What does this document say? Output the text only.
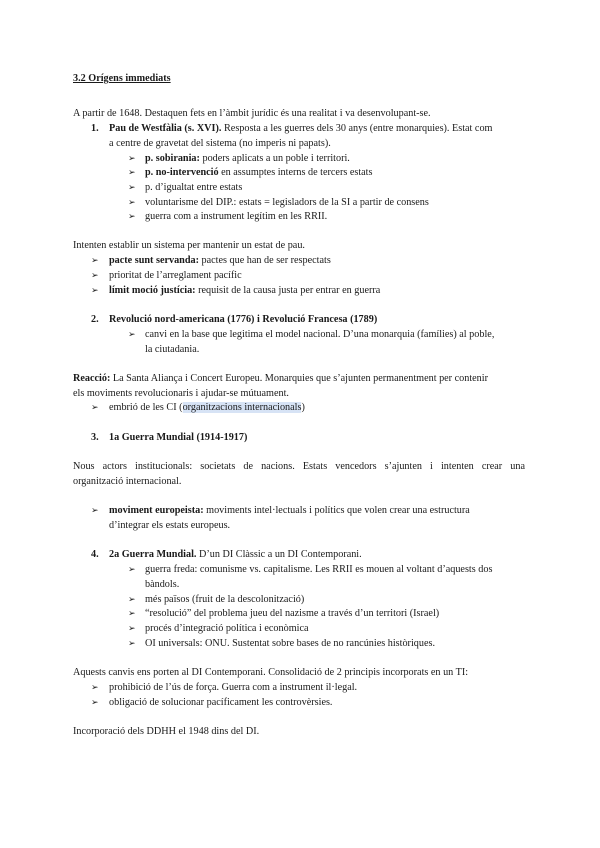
3.2 Orígens immediats
A partir de 1648. Destaquen fets en l’àmbit jurídic és una realitat i va desenvolupant-se.
1. Pau de Westfàlia (s. XVI). Resposta a les guerres dels 30 anys (entre monarquies). Estat com
a centre de gravetat del sistema (no imperis ni papats).
➢ p. sobirania: poders aplicats a un poble i territori.
➢ p. no-intervenció en assumptes interns de tercers estats
➢ p. d’igualtat entre estats
➢ voluntarisme del DIP.: estats = legisladors de la SI a partir de consens
➢ guerra com a instrument legítim en les RRII.
Intenten establir un sistema per mantenir un estat de pau.
➢ pacte sunt servanda: pactes que han de ser respectats
➢ prioritat de l’arreglament pacífic
➢ límit moció justícia: requisit de la causa justa per entrar en guerra
2. Revolució nord-americana (1776) i Revolució Francesa (1789)
➢ canvi en la base que legitima el model nacional. D’una monarquia (famílies) al poble,
la ciutadania.
Reacció: La Santa Aliança i Concert Europeu. Monarquies que s’ajunten permanentment per contenir
els moviments revolucionaris i ajudar-se mútuament.
➢ embrió de les CI (organitzacions internacionals)
3. 1a Guerra Mundial (1914-1917)
Nous actors institucionals: societats de nacions. Estats vencedors s’ajunten i intenten crear una
organització internacional.
➢ moviment europeista: moviments intel·lectuals i polítics que volen crear una estructura
d’integrar els estats europeus.
4. 2a Guerra Mundial. D’un DI Clàssic a un DI Contemporani.
➢ guerra freda: comunisme vs. capitalisme. Les RRII es mouen al voltant d’aquests dos
bàndols.
➢ més països (fruit de la descolonització)
➢ “resolució” del problema jueu del nazisme a través d’un territori (Israel)
➢ procés d’integració política i econòmica
➢ OI universals: ONU. Sustentat sobre bases de no rancúnies històriques.
Aquests canvis ens porten al DI Contemporani. Consolidació de 2 principis incorporats en un TI:
➢ prohibició de l’ús de força. Guerra com a instrument il·legal.
➢ obligació de solucionar pacíficament les controvèrsies.
Incorporació dels DDHH el 1948 dins del DI.
